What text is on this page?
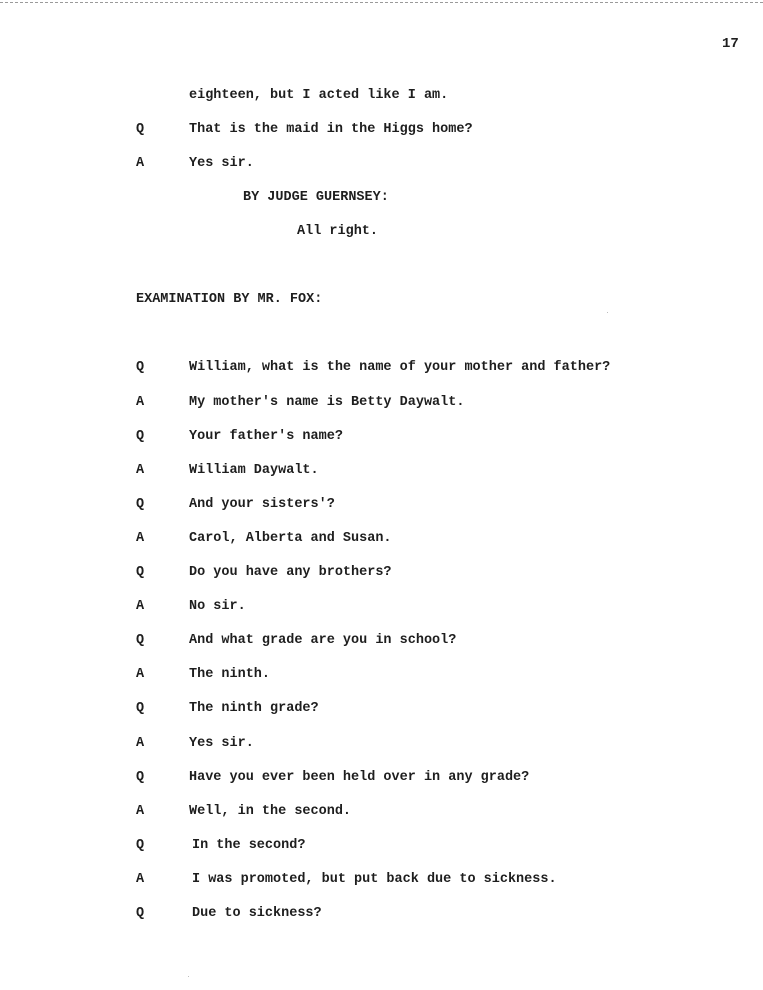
17
eighteen, but I acted like I am.
Q	That is the maid in the Higgs home?
A	Yes sir.
BY JUDGE GUERNSEY:
All right.
EXAMINATION BY MR. FOX:
Q	William, what is the name of your mother and father?
A	My mother's name is Betty Daywalt.
Q	Your father's name?
A	William Daywalt.
Q	And your sisters'?
A	Carol, Alberta and Susan.
Q	Do you have any brothers?
A	No sir.
Q	And what grade are you in school?
A	The ninth.
Q	The ninth grade?
A	Yes sir.
Q	Have you ever been held over in any grade?
A	Well, in the second.
Q	In the second?
A	I was promoted, but put back due to sickness.
Q	Due to sickness?
